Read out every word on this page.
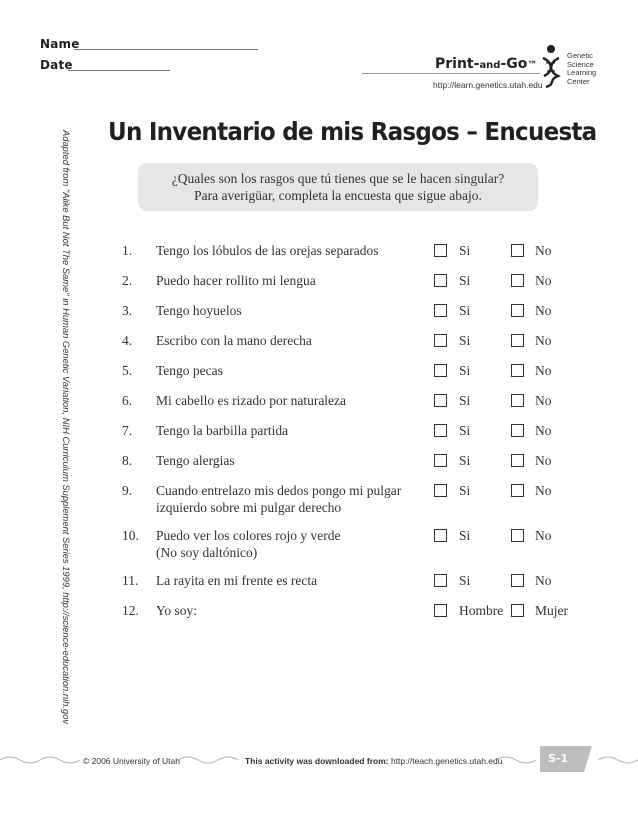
Name
Date	Print-and-Go™
http://learn.genetics.utah.edu
Genetic
Science
Learning
Center
Un Inventario de mis Rasgos – Encuesta
Adapted from "Alike But Not The Same" in Human Genetic Variation, NIH Curriculum Supplement Series 1999, http://science-education.nih.gov	¿Quales son los rasgos que tú tienes que se le hacen singular?
Para averigüar, completa la encuesta que sigue abajo.
1. Tengo los lóbulos de las orejas separados	Si	No
2. Puedo hacer rollito mi lengua	Si	No
3. Tengo hoyuelos	Si	No
4. Escribo con la mano derecha	Si	No
5. Tengo pecas	Si	No
6. Mi cabello es rizado por naturaleza	Si	No
7. Tengo la barbilla partida	Si	No
8. Tengo alergias	Si	No
9. Cuando entrelazo mis dedos pongo mi pulgar
izquierdo sobre mi pulgar derecho
Si	No
10. Puedo ver los colores rojo y verde
(No soy daltónico)
Si	No
11. La rayita en mi frente es recta	Si	No
12. Yo soy:	Hombre Mujer
© 2006 University of Utah	This activity was downloaded from: http://teach.genetics.utah.edu	S-1
